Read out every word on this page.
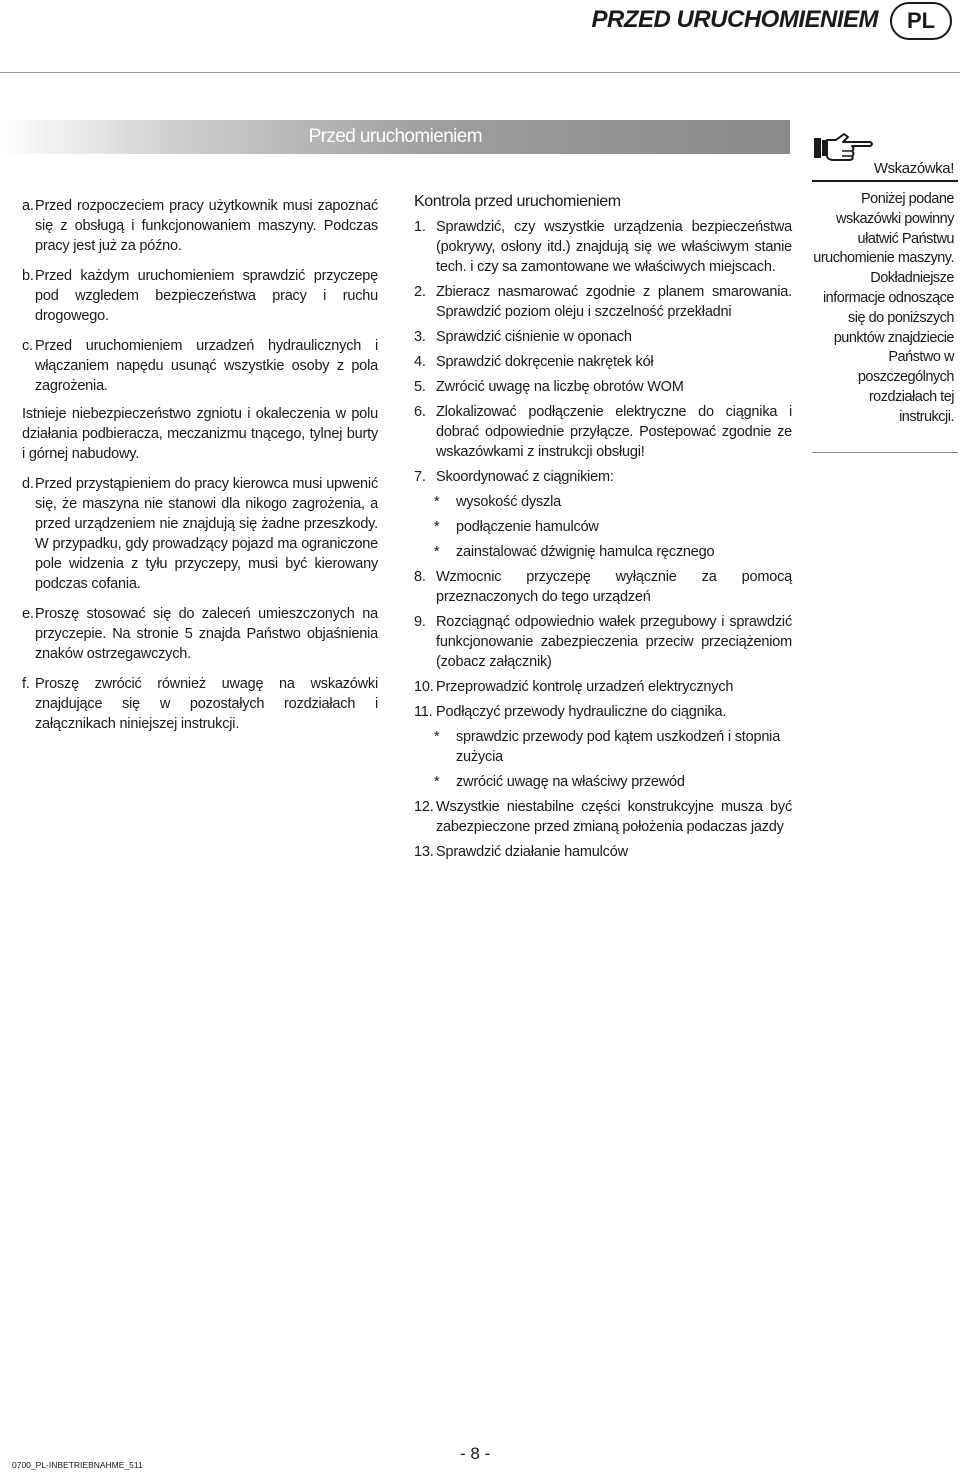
PRZED URUCHOMIENIEM	PL
Przed uruchomieniem
Wskazówka!
Poniżej podane wskazówki powinny ułatwić Państwu uruchomienie maszyny. Dokładniejsze informacje odnoszące się do poniższych punktów znajdziecie Państwo w poszczególnych rozdziałach tej instrukcji.
a. Przed rozpoczeciem pracy użytkownik musi zapoznać się z obsługą i funkcjonowaniem maszyny. Podczas pracy jest już za późno.
b. Przed każdym uruchomieniem sprawdzić przyczepę pod wzgledem bezpieczeństwa pracy i ruchu drogowego.
c. Przed uruchomieniem urzadzeń hydraulicznych i włączaniem napędu usunąć wszystkie osoby z pola zagrożenia.
Istnieje niebezpieczeństwo zgniotu i okaleczenia w polu działania podbieracza, meczanizmu tnącego, tylnej burty i górnej nabudowy.
d. Przed przystąpieniem do pracy kierowca musi upwenić się, że maszyna nie stanowi dla nikogo zagrożenia, a przed urządzeniem nie znajdują się żadne przeszkody. W przypadku, gdy prowadzący pojazd ma ograniczone pole widzenia z tyłu przyczepy, musi być kierowany podczas cofania.
e. Proszę stosować się do zaleceń umieszczonych na przyczepie. Na stronie 5 znajda Państwo objaśnienia znaków ostrzegawczych.
f. Proszę zwrócić również uwagę na wskazówki znajdujące się w pozostałych rozdziałach i załącznikach niniejszej instrukcji.
Kontrola przed uruchomieniem
1. Sprawdzić, czy wszystkie urządzenia bezpieczeństwa (pokrywy, osłony itd.) znajdują się we właściwym stanie tech. i czy sa zamontowane we właściwych miejscach.
2. Zbieracz nasmarować zgodnie z planem smarowania. Sprawdzić poziom oleju i szczelność przekładni
3. Sprawdzić ciśnienie w oponach
4. Sprawdzić dokręcenie nakrętek kół
5. Zwrócić uwagę na liczbę obrotów WOM
6. Zlokalizować podłączenie elektryczne do ciągnika i dobrać odpowiednie przyłącze. Postepować zgodnie ze wskazówkami z instrukcji obsługi!
7. Skoordynować z ciągnikiem:
*	wysokość dyszla
*	podłączenie hamulców
*	zainstalować dźwignię hamulca ręcznego
8. Wzmocnic przyczepę wyłącznie za pomocą przeznaczonych do tego urządzeń
9. Rozciągnąć odpowiednio wałek przegubowy i sprawdzić funkcjonowanie zabezpieczenia przeciw przeciążeniom (zobacz załącznik)
10. Przeprowadzić kontrolę urzadzeń elektrycznych
11. Podłączyć przewody hydrauliczne do ciągnika.
*	sprawdzic przewody pod kątem uszkodzeń i stopnia zużycia
*	zwrócić uwagę na właściwy przewód
12. Wszystkie niestabilne części konstrukcyjne musza być zabezpieczone przed zmianą położenia podaczas jazdy
13. Sprawdzić działanie hamulców
0700_PL-INBETRIEBNAHME_511
- 8 -
